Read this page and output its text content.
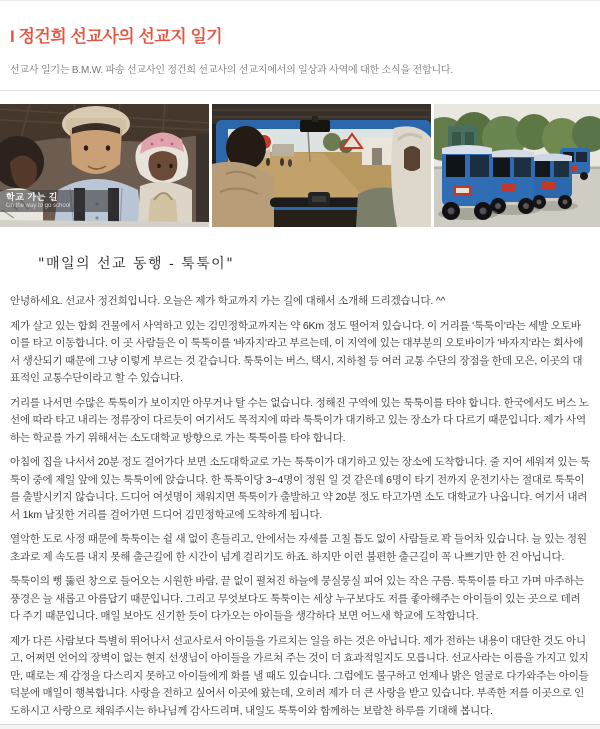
I 정건희 선교사의 선교지 일기
선교사 일기는 B.M.W. 파송 선교사인 정건희 선교사의 선교지에서의 일상과 사역에 대한 소식을 전합니다.
학교 가는 길
On the way to go school
"매일의 선교 동행 - 툭툭이"

안녕하세요. 선교사 정건희입니다. 오늘은 제가 학교까지 가는 길에 대해서 소개해 드리겠습니다. ^^

제가 살고 있는 합회 건물에서 사역하고 있는 김민정학교까지는 약 6Km 정도 떨어져 있습니다. 이 거리를 '툭툭이'라는 세발 오토바이를 타고 이동합니다. 이 곳 사람들은 이 툭툭이를 '바자지'라고 부르는데, 이 지역에 있는 대부분의 오토바이가 '바자지'라는 회사에서 생산되기 때문에 그냥 이렇게 부르는 것 같습니다. 툭툭이는 버스, 택시, 지하철 등 여러 교통 수단의 장점을 한데 모은, 이곳의 대표적인 교통수단이라고 할 수 있습니다.

거리를 나서면 수많은 툭툭이가 보이지만 아무거나 탈 수는 없습니다. 정해진 구역에 있는 툭툭이를 타야 합니다. 한국에서도 버스 노선에 따라 타고 내리는 정류장이 다르듯이 여기서도 목적지에 따라 툭툭이가 대기하고 있는 장소가 다 다르기 때문입니다. 제가 사역하는 학교를 가기 위해서는 소도대학교 방향으로 가는 툭툭이를 타야 합니다.

아침에 집을 나서서 20분 정도 걸어가다 보면 소도대학교로 가는 툭툭이가 대기하고 있는 장소에 도착합니다. 줄 지어 세워져 있는 툭툭이 중에 제일 앞에 있는 툭툭이에 앉습니다. 한 툭툭이당 3~4명이 정원 일 것 같은데 6명이 타기 전까지 운전기사는 절대로 툭툭이를 출발시키지 않습니다. 드디어 여섯명이 채워지면 툭툭이가 출발하고 약 20분 정도 타고가면 소도 대학교가 나옵니다. 여기서 내려서 1km 남짓한 거리를 걸어가면 드디어 김민정학교에 도착하게 됩니다.

열악한 도로 사정 때문에 툭툭이는 쉴 새 없이 흔들리고, 안에서는 자세를 고칠 틈도 없이 사람들로 꽉 들어차 있습니다. 늘 있는 정원 초과로 제 속도를 내지 못해 출근길에 한 시간이 넘게 걸리기도 하죠. 하지만 이런 불편한 출근길이 꼭 나쁘기만 한 건 아닙니다.

툭툭이의 뻥 뚫린 창으로 들어오는 시원한 바람, 끝 없이 펼쳐진 하늘에 뭉실뭉실 피어 있는 작은 구름. 툭툭이를 타고 가며 마주하는 풍경은 늘 새롭고 아름답기 때문입니다. 그리고 무엇보다도 툭툭이는 세상 누구보다도 저를 좋아해주는 아이들이 있는 곳으로 데려다 주기 때문입니다. 매일 보아도 신기한 듯이 다가오는 아이들을 생각하다 보면 어느새 학교에 도착합니다.

제가 다른 사람보다 특별히 뛰어나서 선교사로서 아이들을 가르치는 일을 하는 것은 아닙니다. 제가 전하는 내용이 대단한 것도 아니고, 어쩌면 언어의 장벽이 없는 현지 선생님이 아이들을 가르쳐 주는 것이 더 효과적일지도 모릅니다. 선교사라는 이름을 가지고 있지만, 때로는 제 감정을 다스리지 못하고 아이들에게 화를 낼 때도 있습니다. 그럼에도 불구하고 언제나 밝은 얼굴로 다가와주는 아이들 덕분에 매일이 행복합니다. 사랑을 전하고 싶어서 이곳에 왔는데, 오히려 제가 더 큰 사랑을 받고 있습니다. 부족한 저를 이곳으로 인도하시고 사랑으로 채워주시는 하나님께 감사드리며, 내일도 툭툭이와 함께하는 보람찬 하루를 기대해 봅니다.
